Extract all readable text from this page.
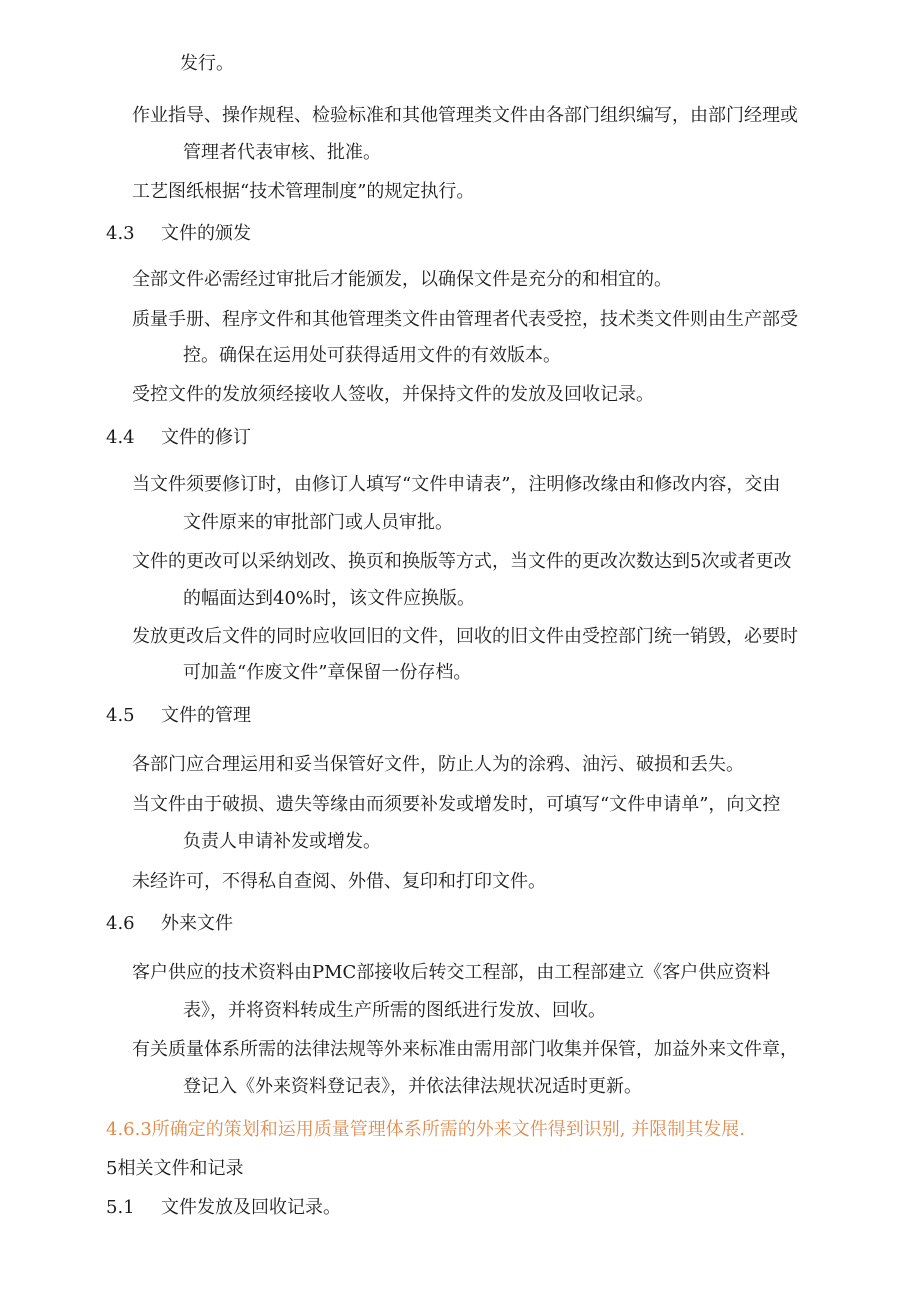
发行。
作业指导、操作规程、检验标准和其他管理类文件由各部门组织编写，由部门经理或
管理者代表审核、批准。
工艺图纸根据“技术管理制度”的规定执行。
4.3 文件的颁发
全部文件必需经过审批后才能颁发，以确保文件是充分的和相宜的。
质量手册、程序文件和其他管理类文件由管理者代表受控，技术类文件则由生产部受
控。确保在运用处可获得适用文件的有效版本。
受控文件的发放须经接收人签收，并保持文件的发放及回收记录。
4.4 文件的修订
当文件须要修订时，由修订人填写“文件申请表”，注明修改缘由和修改内容，交由
文件原来的审批部门或人员审批。
文件的更改可以采纳划改、换页和换版等方式，当文件的更改次数达到5次或者更改
的幅面达到40%时，该文件应换版。
发放更改后文件的同时应收回旧的文件，回收的旧文件由受控部门统一销毁，必要时
可加盖“作废文件”章保留一份存档。
4.5 文件的管理
各部门应合理运用和妥当保管好文件，防止人为的涂鸦、油污、破损和丢失。
当文件由于破损、遗失等缘由而须要补发或增发时，可填写“文件申请单”，向文控
负责人申请补发或增发。
未经许可，不得私自查阅、外借、复印和打印文件。
4.6 外来文件
客户供应的技术资料由PMC部接收后转交工程部，由工程部建立《客户供应资料
表》，并将资料转成生产所需的图纸进行发放、回收。
有关质量体系所需的法律法规等外来标准由需用部门收集并保管，加益外来文件章，
登记入《外来资料登记表》，并依法律法规状况适时更新。
4.6.3所确定的策划和运用质量管理体系所需的外来文件得到识别, 并限制其发展.
5相关文件和记录
5.1 文件发放及回收记录。
